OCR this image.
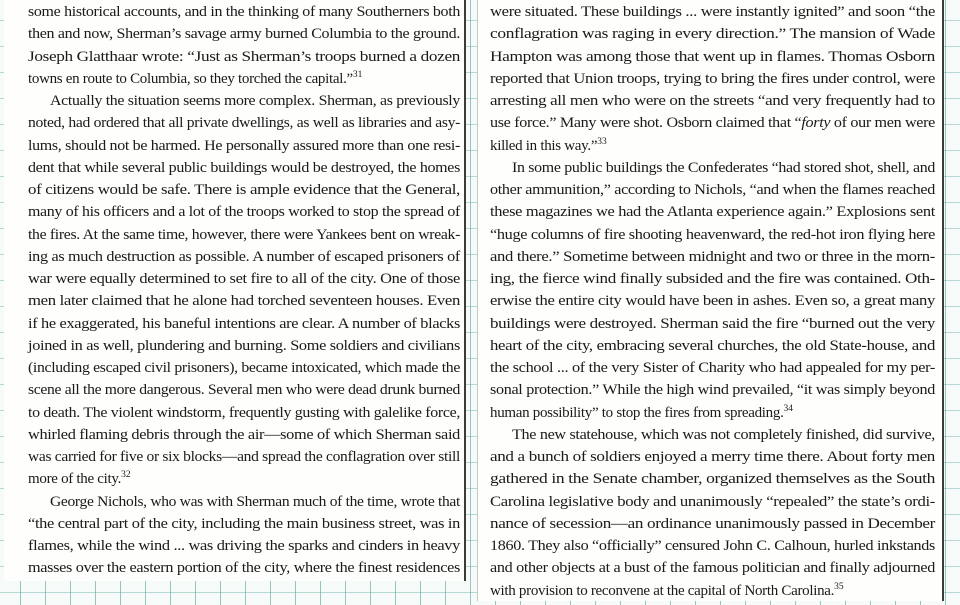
some historical accounts, and in the thinking of many Southerners both
then and now, Sherman’s savage army burned Columbia to the ground.
Joseph Glatthaar wrote: “Just as Sherman’s troops burned a dozen
towns en route to Columbia, so they torched the capital.”$^{31}$
Actually the situation seems more complex. Sherman, as previously
noted, had ordered that all private dwellings, as well as libraries and asy-
lums, should not be harmed. He personally assured more than one resi-
dent that while several public buildings would be destroyed, the homes
of citizens would be safe. There is ample evidence that the General,
many of his officers and a lot of the troops worked to stop the spread of
the fires. At the same time, however, there were Yankees bent on wreak-
ing as much destruction as possible. A number of escaped prisoners of
war were equally determined to set fire to all of the city. One of those
men later claimed that he alone had torched seventeen houses. Even
if he exaggerated, his baneful intentions are clear. A number of blacks
joined in as well, plundering and burning. Some soldiers and civilians
(including escaped civil prisoners), became intoxicated, which made the
scene all the more dangerous. Several men who were dead drunk burned
to death. The violent windstorm, frequently gusting with galelike force,
whirled flaming debris through the air—some of which Sherman said
was carried for five or six blocks—and spread the conflagration over still
more of the city.$^{32}$
George Nichols, who was with Sherman much of the time, wrote that
“the central part of the city, including the main business street, was in
flames, while the wind ... was driving the sparks and cinders in heavy
masses over the eastern portion of the city, where the finest residences
were situated. These buildings ... were instantly ignited” and soon “the
conflagration was raging in every direction.” The mansion of Wade
Hampton was among those that went up in flames. Thomas Osborn
reported that Union troops, trying to bring the fires under control, were
arresting all men who were on the streets “and very frequently had to
use force.” Many were shot. Osborn claimed that “forty of our men were
killed in this way.”$^{33}$
In some public buildings the Confederates “had stored shot, shell, and
other ammunition,” according to Nichols, “and when the flames reached
these magazines we had the Atlanta experience again.” Explosions sent
“huge columns of fire shooting heavenward, the red-hot iron flying here
and there.” Sometime between midnight and two or three in the morn-
ing, the fierce wind finally subsided and the fire was contained. Oth-
erwise the entire city would have been in ashes. Even so, a great many
buildings were destroyed. Sherman said the fire “burned out the very
heart of the city, embracing several churches, the old State-house, and
the school ... of the very Sister of Charity who had appealed for my per-
sonal protection.” While the high wind prevailed, “it was simply beyond
human possibility” to stop the fires from spreading.$^{34}$
The new statehouse, which was not completely finished, did survive,
and a bunch of soldiers enjoyed a merry time there. About forty men
gathered in the Senate chamber, organized themselves as the South
Carolina legislative body and unanimously “repealed” the state’s ordi-
nance of secession—an ordinance unanimously passed in December
1860. They also “officially” censured John C. Calhoun, hurled inkstands
and other objects at a bust of the famous politician and finally adjourned
with provision to reconvene at the capital of North Carolina.$^{35}$
